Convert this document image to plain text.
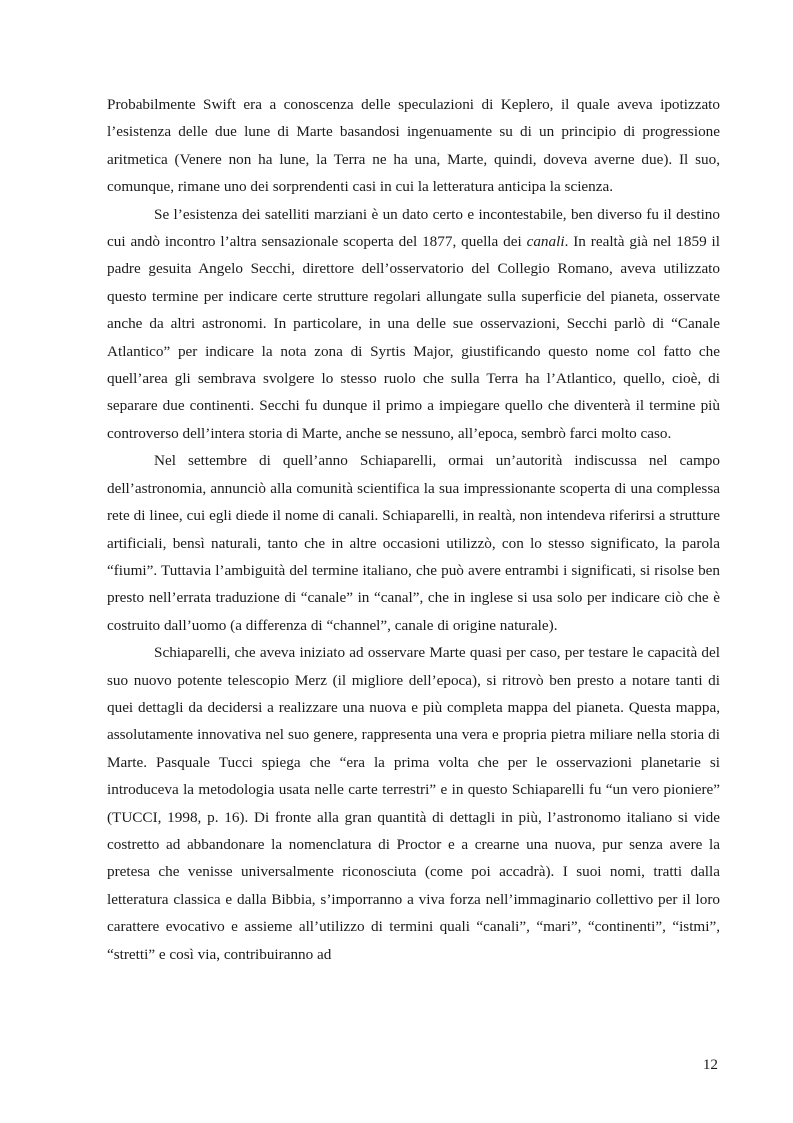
Probabilmente Swift era a conoscenza delle speculazioni di Keplero, il quale aveva ipotizzato l’esistenza delle due lune di Marte basandosi ingenuamente su di un principio di progressione aritmetica (Venere non ha lune, la Terra ne ha una, Marte, quindi, doveva averne due). Il suo, comunque, rimane uno dei sorprendenti casi in cui la letteratura anticipa la scienza.

Se l’esistenza dei satelliti marziani è un dato certo e incontestabile, ben diverso fu il destino cui andò incontro l’altra sensazionale scoperta del 1877, quella dei canali. In realtà già nel 1859 il padre gesuita Angelo Secchi, direttore dell’osservatorio del Collegio Romano, aveva utilizzato questo termine per indicare certe strutture regolari allungate sulla superficie del pianeta, osservate anche da altri astronomi. In particolare, in una delle sue osservazioni, Secchi parlò di “Canale Atlantico” per indicare la nota zona di Syrtis Major, giustificando questo nome col fatto che quell’area gli sembrava svolgere lo stesso ruolo che sulla Terra ha l’Atlantico, quello, cioè, di separare due continenti. Secchi fu dunque il primo a impiegare quello che diventerà il termine più controverso dell’intera storia di Marte, anche se nessuno, all’epoca, sembrò farci molto caso.

Nel settembre di quell’anno Schiaparelli, ormai un’autorità indiscussa nel campo dell’astronomia, annunciò alla comunità scientifica la sua impressionante scoperta di una complessa rete di linee, cui egli diede il nome di canali. Schiaparelli, in realtà, non intendeva riferirsi a strutture artificiali, bensì naturali, tanto che in altre occasioni utilizzò, con lo stesso significato, la parola “fiumi”. Tuttavia l’ambiguità del termine italiano, che può avere entrambi i significati, si risolse ben presto nell’errata traduzione di “canale” in “canal”, che in inglese si usa solo per indicare ciò che è costruito dall’uomo (a differenza di “channel”, canale di origine naturale).

Schiaparelli, che aveva iniziato ad osservare Marte quasi per caso, per testare le capacità del suo nuovo potente telescopio Merz (il migliore dell’epoca), si ritrovò ben presto a notare tanti di quei dettagli da decidersi a realizzare una nuova e più completa mappa del pianeta. Questa mappa, assolutamente innovativa nel suo genere, rappresenta una vera e propria pietra miliare nella storia di Marte. Pasquale Tucci spiega che “era la prima volta che per le osservazioni planetarie si introduceva la metodologia usata nelle carte terrestri” e in questo Schiaparelli fu “un vero pioniere” (TUCCI, 1998, p. 16). Di fronte alla gran quantità di dettagli in più, l’astronomo italiano si vide costretto ad abbandonare la nomenclatura di Proctor e a crearne una nuova, pur senza avere la pretesa che venisse universalmente riconosciuta (come poi accadrà). I suoi nomi, tratti dalla letteratura classica e dalla Bibbia, s’imporranno a viva forza nell’immaginario collettivo per il loro carattere evocativo e assieme all’utilizzo di termini quali “canali”, “mari”, “continenti”, “istmi”, “stretti” e così via, contribuiranno ad

12
